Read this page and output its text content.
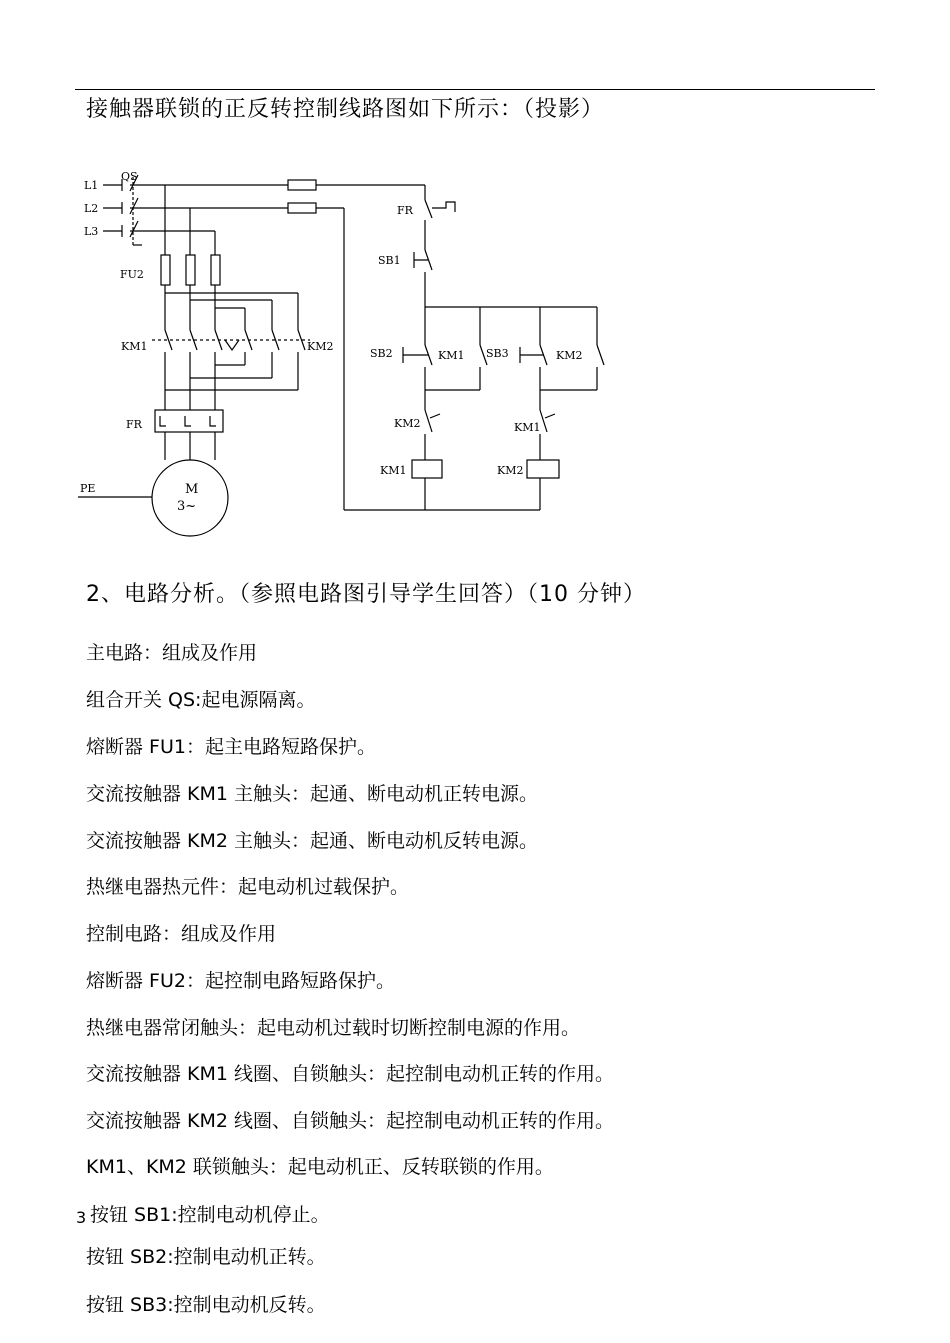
接触器联锁的正反转控制线路图如下所示：（投影）
L1
L2
L3
QS
FU2
KM1	KM2
FR
PE	M
3~
FR
SB1
SB2	KM1 SB3	KM2
KM2	KM1
KM1	KM2
2、电路分析。（参照电路图引导学生回答）（10 分钟）
主电路：组成及作用
组合开关 QS:起电源隔离。
熔断器 FU1：起主电路短路保护。
交流按触器 KM1 主触头：起通、断电动机正转电源。
交流按触器 KM2 主触头：起通、断电动机反转电源。
热继电器热元件：起电动机过载保护。
控制电路：组成及作用
熔断器 FU2：起控制电路短路保护。
热继电器常闭触头：起电动机过载时切断控制电源的作用。
交流按触器 KM1 线圈、自锁触头：起控制电动机正转的作用。
交流按触器 KM2 线圈、自锁触头：起控制电动机正转的作用。
KM1、KM2 联锁触头：起电动机正、反转联锁的作用。
3 按钮 SB1:控制电动机停止。
按钮 SB2:控制电动机正转。
按钮 SB3:控制电动机反转。
